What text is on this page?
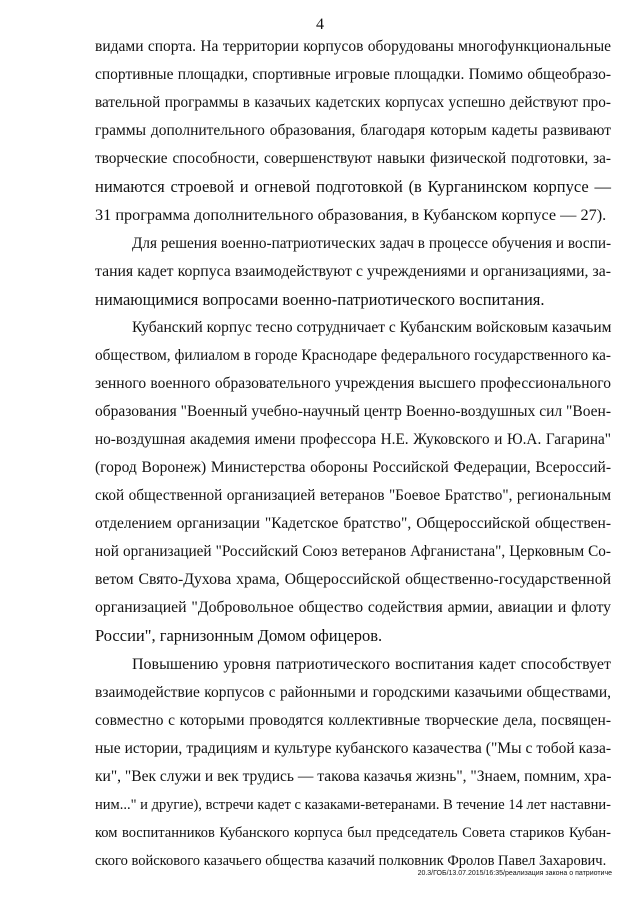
4
видами спорта. На территории корпусов оборудованы многофункциональные
спортивные площадки, спортивные игровые площадки. Помимо общеобразо-
вательной программы в казачьих кадетских корпусах успешно действуют про-
граммы дополнительного образования, благодаря которым кадеты развивают
творческие способности, совершенствуют навыки физической подготовки, за-
нимаются строевой и огневой подготовкой (в Курганинском корпусе —
31 программа дополнительного образования, в Кубанском корпусе — 27).
Для решения военно-патриотических задач в процессе обучения и воспи-
тания кадет корпуса взаимодействуют с учреждениями и организациями, за-
нимающимися вопросами военно-патриотического воспитания.
Кубанский корпус тесно сотрудничает с Кубанским войсковым казачьим
обществом, филиалом в городе Краснодаре федерального государственного ка-
зенного военного образовательного учреждения высшего профессионального
образования "Военный учебно-научный центр Военно-воздушных сил "Воен-
но-воздушная академия имени профессора Н.Е. Жуковского и Ю.А. Гагарина"
(город Воронеж) Министерства обороны Российской Федерации, Всероссий-
ской общественной организацией ветеранов "Боевое Братство", региональным
отделением организации "Кадетское братство", Общероссийской обществен-
ной организацией "Российский Союз ветеранов Афганистана", Церковным Со-
ветом Свято-Духова храма, Общероссийской общественно-государственной
организацией "Добровольное общество содействия армии, авиации и флоту
России", гарнизонным Домом офицеров.
Повышению уровня патриотического воспитания кадет способствует
взаимодействие корпусов с районными и городскими казачьими обществами,
совместно с которыми проводятся коллективные творческие дела, посвящен-
ные истории, традициям и культуре кубанского казачества ("Мы с тобой каза-
ки", "Век служи и век трудись — такова казачья жизнь", "Знаем, помним, хра-
ним..." и другие), встречи кадет с казаками-ветеранами. В течение 14 лет наставни-
ком воспитанников Кубанского корпуса был председатель Совета стариков Кубан-
ского войскового казачьего общества казачий полковник Фролов Павел Захарович.
20.3/ГОБ/13.07.2015/16:35/реализация закона о патриотиче
